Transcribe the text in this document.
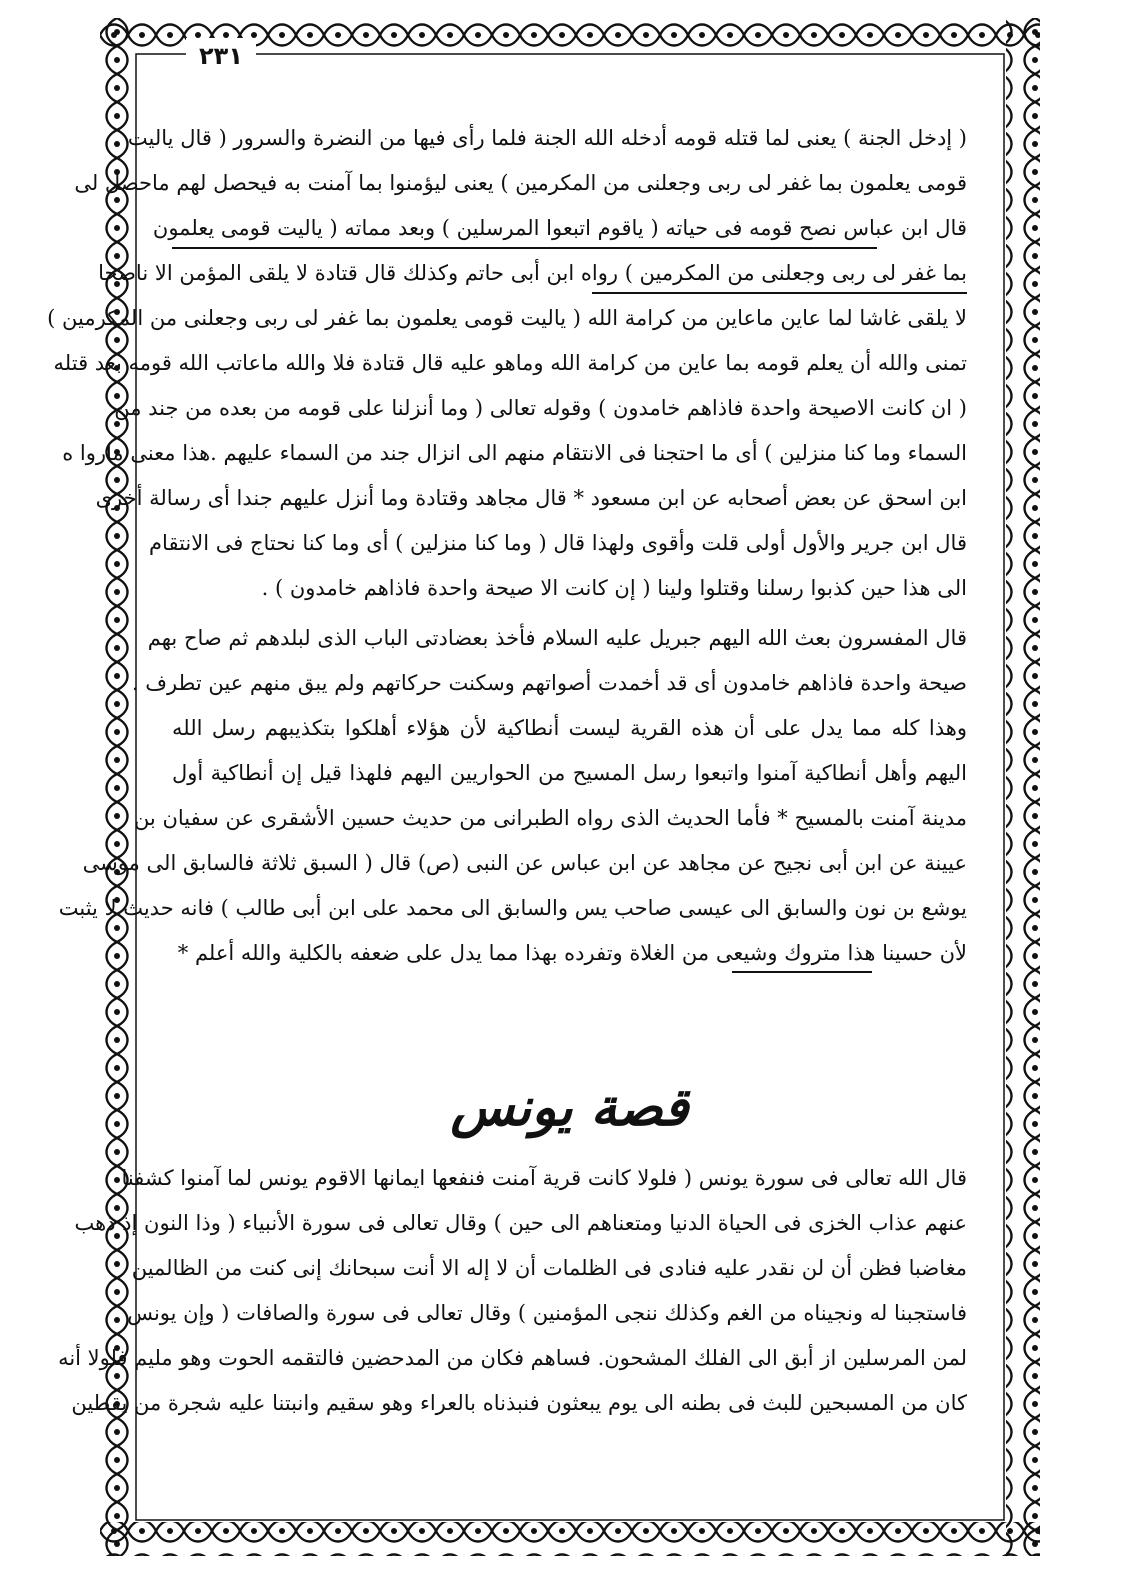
٢٣١
( إدخل الجنة ) يعنى لما قتله قومه أدخله الله الجنة فلما رأى فيها من النضرة والسرور ( قال ياليت
قومى يعلمون بما غفر لى ربى وجعلنى من المكرمين ) يعنى ليؤمنوا بما آمنت به فيحصل لهم ماحصل لى
قال ابن عباس نصح قومه فى حياته ( ياقوم اتبعوا المرسلين ) وبعد مماته ( ياليت قومى يعلمون
بما غفر لى ربى وجعلنى من المكرمين ) رواه ابن أبى حاتم وكذلك قال قتادة لا يلقى المؤمن الا ناصحا
لا يلقى غاشا لما عاين ماعاين من كرامة الله ( ياليت قومى يعلمون بما غفر لى ربى وجعلنى من المكرمين )
تمنى والله أن يعلم قومه بما عاين من كرامة الله وماهو عليه قال قتادة فلا والله ماعاتب الله قومه بعد قتله
( ان كانت الاصيحة واحدة فاذاهم خامدون ) وقوله تعالى ( وما أنزلنا على قومه من بعده من جند من
السماء وما كنا منزلين ) أى ما احتجنا فى الانتقام منهم الى انزال جند من السماء عليهم .هذا معنى ماروا ه
ابن اسحق عن بعض أصحابه عن ابن مسعود * قال مجاهد وقتادة وما أنزل عليهم جندا أى رسالة أخرى
قال ابن جرير والأول أولى قلت وأقوى ولهذا قال ( وما كنا منزلين ) أى وما كنا نحتاج فى الانتقام
الى هذا حين كذبوا رسلنا وقتلوا ولينا ( إن كانت الا صيحة واحدة فاذاهم خامدون ) .
قال المفسرون بعث الله اليهم جبريل عليه السلام فأخذ بعضادتى الباب الذى لبلدهم ثم صاح بهم
صيحة واحدة فاذاهم خامدون أى قد أخمدت أصواتهم وسكنت حركاتهم ولم يبق منهم عين تطرف .
وهذا كله مما يدل على أن هذه القرية ليست أنطاكية لأن هؤلاء أهلكوا بتكذيبهم رسل الله
اليهم وأهل أنطاكية آمنوا واتبعوا رسل المسيح من الحواريين اليهم فلهذا قيل إن أنطاكية أول
مدينة آمنت بالمسيح * فأما الحديث الذى رواه الطبرانى من حديث حسين الأشقرى عن سفيان بن
عيينة عن ابن أبى نجيح عن مجاهد عن ابن عباس عن النبى (ص) قال ( السبق ثلاثة فالسابق الى موسى
يوشع بن نون والسابق الى عيسى صاحب يس والسابق الى محمد على ابن أبى طالب ) فانه حديث لا يثبت
لأن حسينا هذا متروك وشيعى من الغلاة وتفرده بهذا مما يدل على ضعفه بالكلية والله أعلم *
قصة يونس
قال الله تعالى فى سورة يونس ( فلولا كانت قرية آمنت فنفعها ايمانها الاقوم يونس لما آمنوا كشفنا
عنهم عذاب الخزى فى الحياة الدنيا ومتعناهم الى حين ) وقال تعالى فى سورة الأنبياء ( وذا النون إذ ذهب
مغاضبا فظن أن لن نقدر عليه فنادى فى الظلمات أن لا إله الا أنت سبحانك إنى كنت من الظالمين
فاستجبنا له ونجيناه من الغم وكذلك ننجى المؤمنين ) وقال تعالى فى سورة والصافات ( وإن يونس
لمن المرسلين از أبق الى الفلك المشحون. فساهم فكان من المدحضين فالتقمه الحوت وهو مليم فلولا أنه
كان من المسبحين للبث فى بطنه الى يوم يبعثون فنبذناه بالعراء وهو سقيم وانبتنا عليه شجرة من يقطين
